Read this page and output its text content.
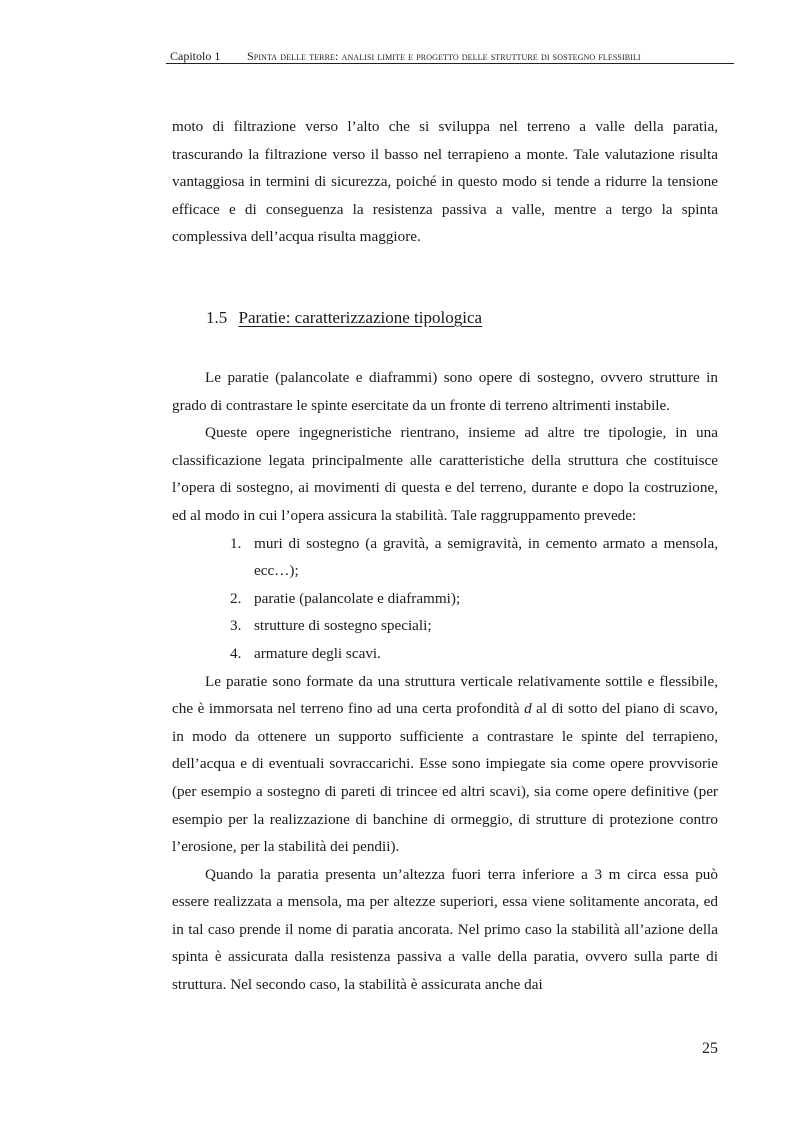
Capitolo 1 Spinta delle terre: analisi limite e progetto delle strutture di sostegno flessibili

moto di filtrazione verso l’alto che si sviluppa nel terreno a valle della paratia, trascurando la filtrazione verso il basso nel terrapieno a monte. Tale valutazione risulta vantaggiosa in termini di sicurezza, poiché in questo modo si tende a ridurre la tensione efficace e di conseguenza la resistenza passiva a valle, mentre a tergo la spinta complessiva dell’acqua risulta maggiore.

1.5 Paratie: caratterizzazione tipologica

Le paratie (palancolate e diaframmi) sono opere di sostegno, ovvero strutture in grado di contrastare le spinte esercitate da un fronte di terreno altrimenti instabile.

Queste opere ingegneristiche rientrano, insieme ad altre tre tipologie, in una classificazione legata principalmente alle caratteristiche della struttura che costituisce l’opera di sostegno, ai movimenti di questa e del terreno, durante e dopo la costruzione, ed al modo in cui l’opera assicura la stabilità. Tale raggruppamento prevede:

1. muri di sostegno (a gravità, a semigravità, in cemento armato a mensola, ecc…);
2. paratie (palancolate e diaframmi);
3. strutture di sostegno speciali;
4. armature degli scavi.

Le paratie sono formate da una struttura verticale relativamente sottile e flessibile, che è immorsata nel terreno fino ad una certa profondità d al di sotto del piano di scavo, in modo da ottenere un supporto sufficiente a contrastare le spinte del terrapieno, dell’acqua e di eventuali sovraccarichi. Esse sono impiegate sia come opere provvisorie (per esempio a sostegno di pareti di trincee ed altri scavi), sia come opere definitive (per esempio per la realizzazione di banchine di ormeggio, di strutture di protezione contro l’erosione, per la stabilità dei pendii).

Quando la paratia presenta un’altezza fuori terra inferiore a 3 m circa essa può essere realizzata a mensola, ma per altezze superiori, essa viene solitamente ancorata, ed in tal caso prende il nome di paratia ancorata. Nel primo caso la stabilità all’azione della spinta è assicurata dalla resistenza passiva a valle della paratia, ovvero sulla parte di struttura. Nel secondo caso, la stabilità è assicurata anche dai

25
